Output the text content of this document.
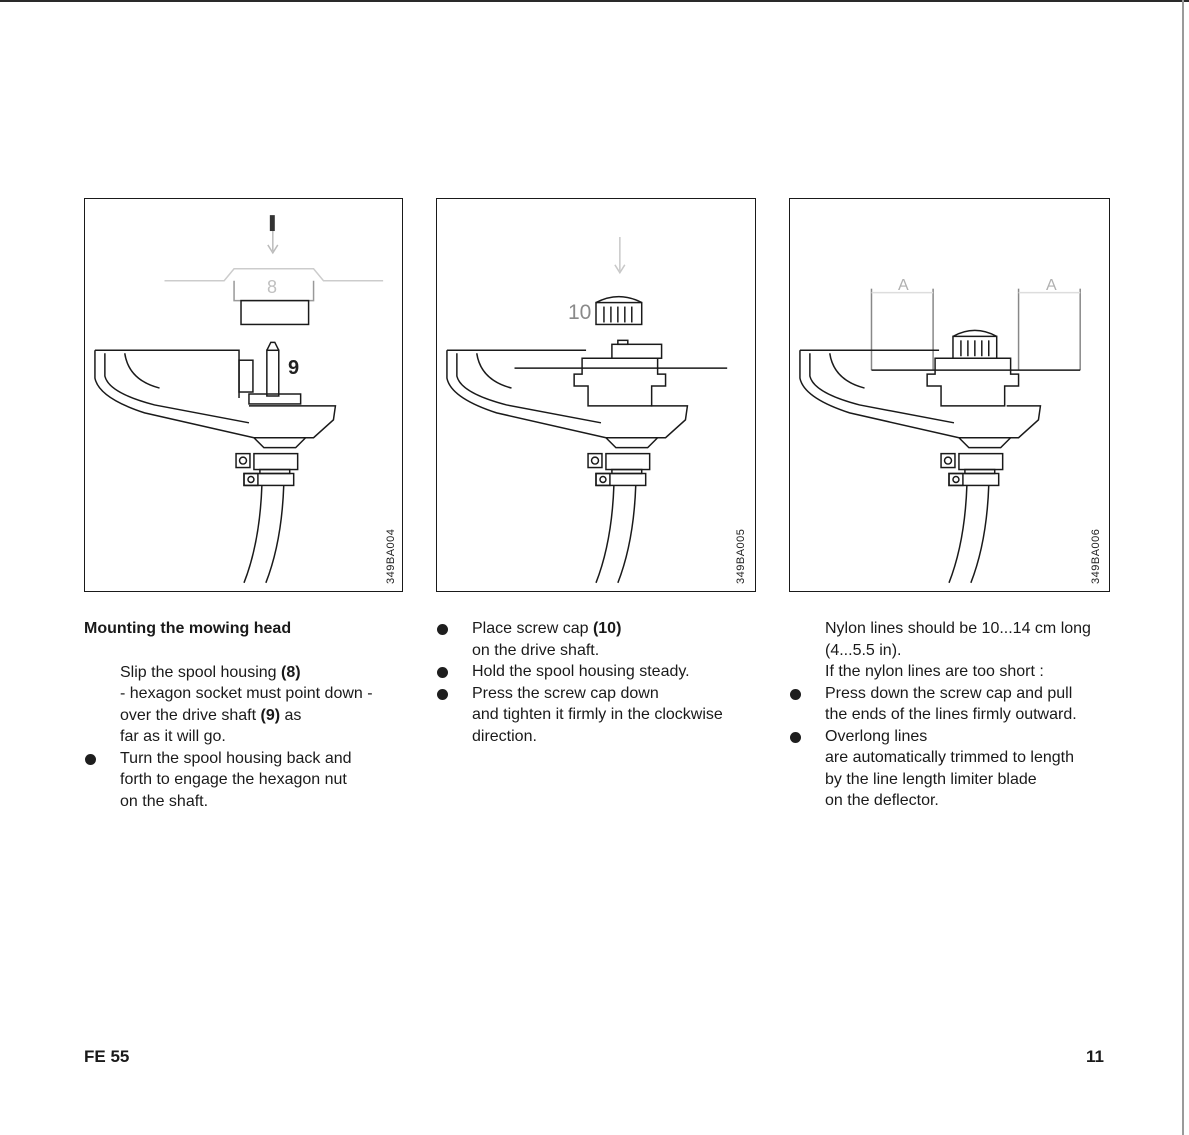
9
8
349BA004
10
349BA005
A	A
349BA006

Mounting the mowing head

Slip the spool housing (8)
- hexagon socket must point down -
over the drive shaft (9) as
far as it will go.

Turn the spool housing back and
forth to engage the hexagon nut
on the shaft.

Place screw cap (10)
on the drive shaft.

Hold the spool housing steady.

Press the screw cap down
and tighten it firmly in the clockwise
direction.

Nylon lines should be 10...14 cm long
(4...5.5 in).
If the nylon lines are too short :

Press down the screw cap and pull
the ends of the lines firmly outward.

Overlong lines
are automatically trimmed to length
by the line length limiter blade
on the deflector.

FE 55	11
